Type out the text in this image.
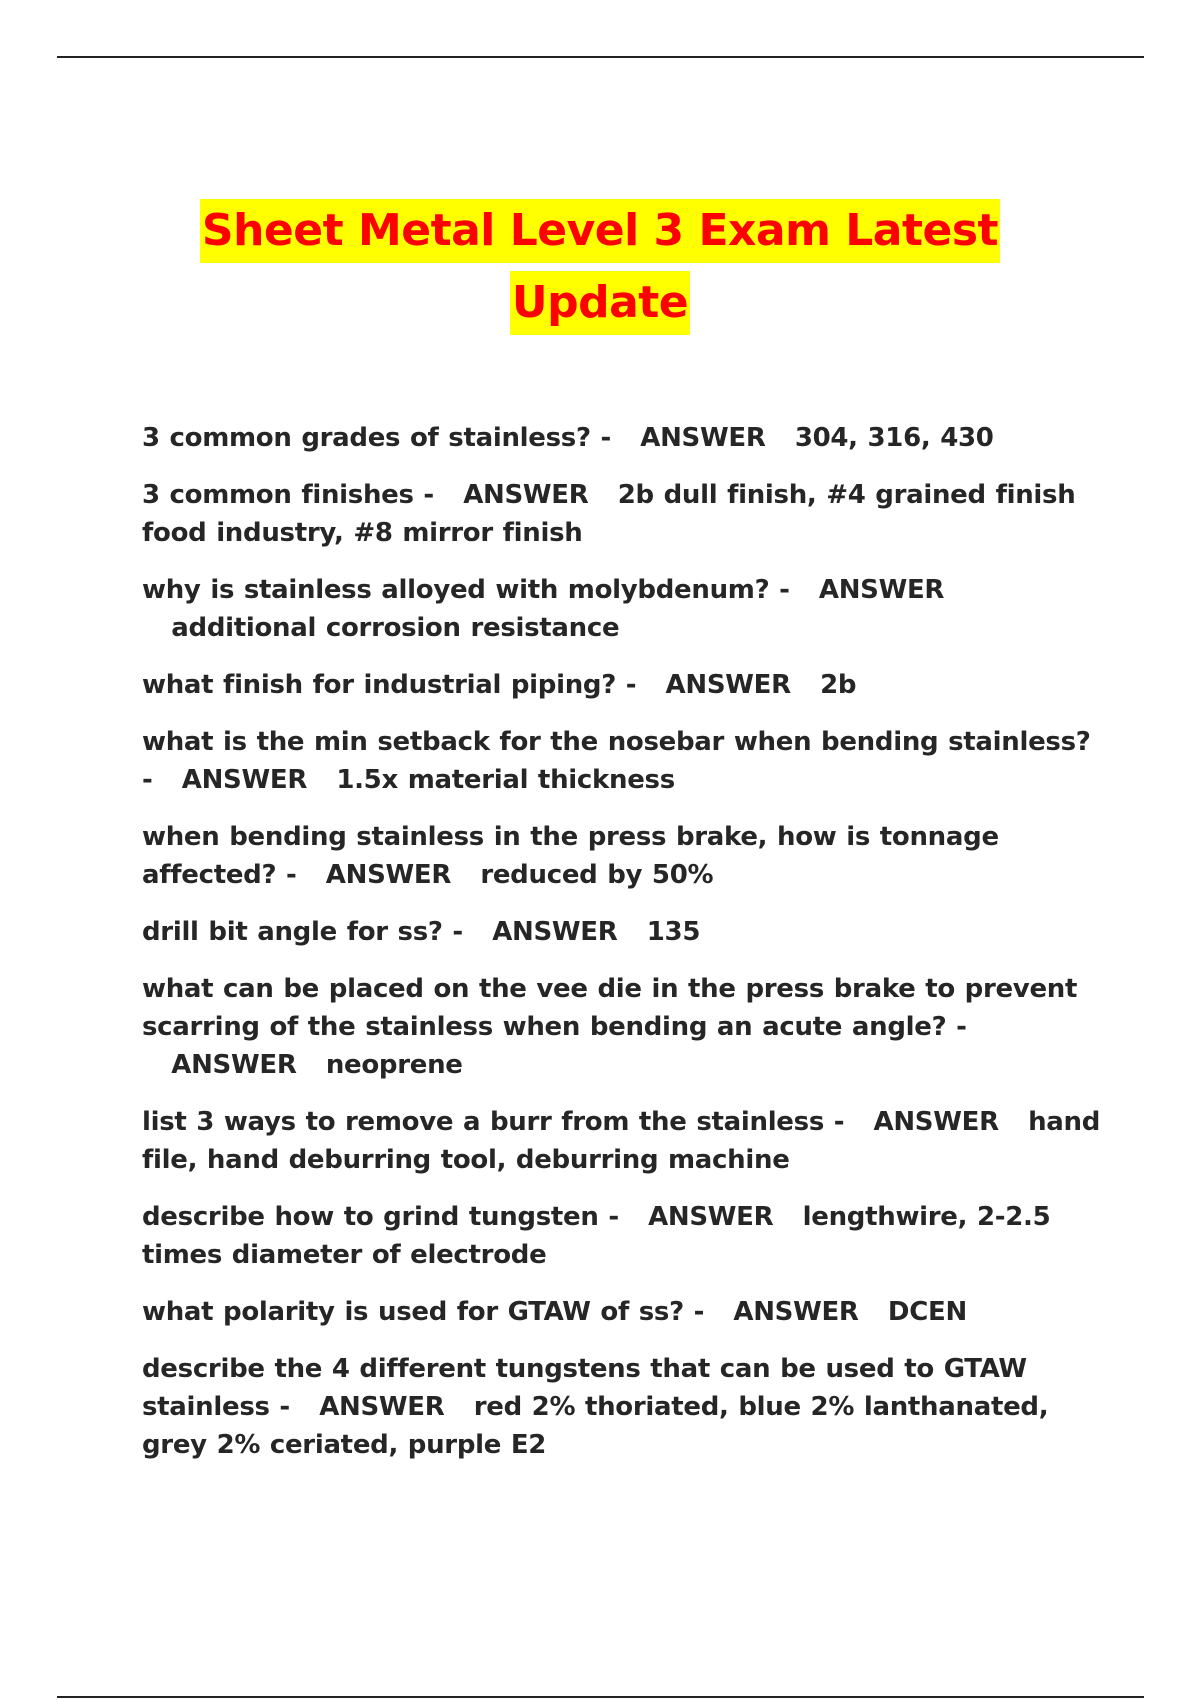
Sheet Metal Level 3 Exam Latest
Update
3 common grades of stainless? - ANSWER 304, 316, 430
3 common finishes - ANSWER 2b dull finish, #4 grained finish food industry, #8 mirror finish
why is stainless alloyed with molybdenum? - ANSWER   additional corrosion resistance
what finish for industrial piping? - ANSWER 2b
what is the min setback for the nosebar when bending stainless? - ANSWER 1.5x material thickness
when bending stainless in the press brake, how is tonnage affected? - ANSWER reduced by 50%
drill bit angle for ss? - ANSWER 135
what can be placed on the vee die in the press brake to prevent scarring of the stainless when bending an acute angle? -   ANSWER neoprene
list 3 ways to remove a burr from the stainless - ANSWER hand file, hand deburring tool, deburring machine
describe how to grind tungsten - ANSWER lengthwire, 2-2.5 times diameter of electrode
what polarity is used for GTAW of ss? - ANSWER DCEN
describe the 4 different tungstens that can be used to GTAW stainless - ANSWER red 2% thoriated, blue 2% lanthanated, grey 2% ceriated, purple E2
